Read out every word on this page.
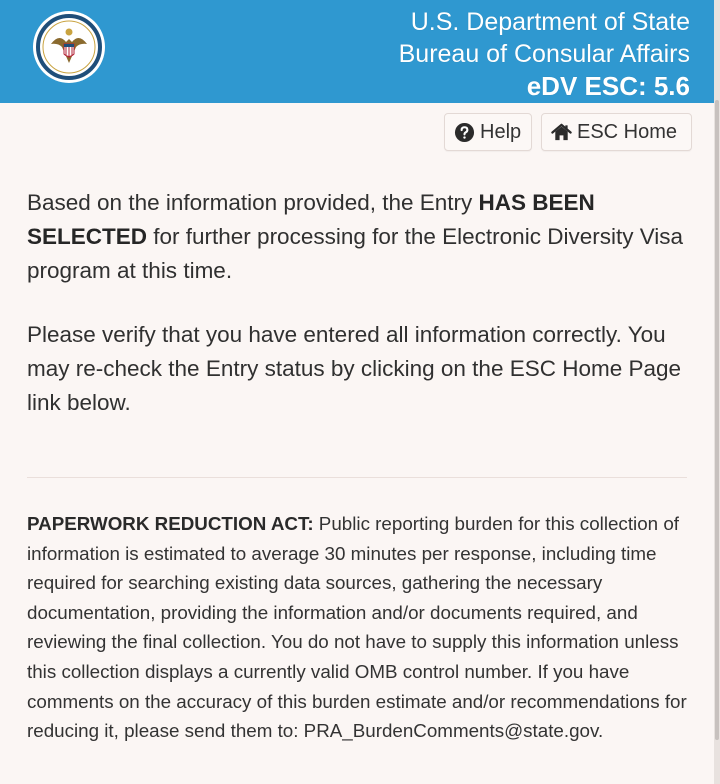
U.S. Department of State
Bureau of Consular Affairs
eDV ESC: 5.6
Help	ESC Home

Based on the information provided, the Entry HAS BEEN SELECTED for further processing for the Electronic Diversity Visa program at this time.

Please verify that you have entered all information correctly. You may re-check the Entry status by clicking on the ESC Home Page link below.

PAPERWORK REDUCTION ACT: Public reporting burden for this collection of information is estimated to average 30 minutes per response, including time required for searching existing data sources, gathering the necessary documentation, providing the information and/or documents required, and reviewing the final collection. You do not have to supply this information unless this collection displays a currently valid OMB control number. If you have comments on the accuracy of this burden estimate and/or recommendations for reducing it, please send them to: PRA_BurdenComments@state.gov.
